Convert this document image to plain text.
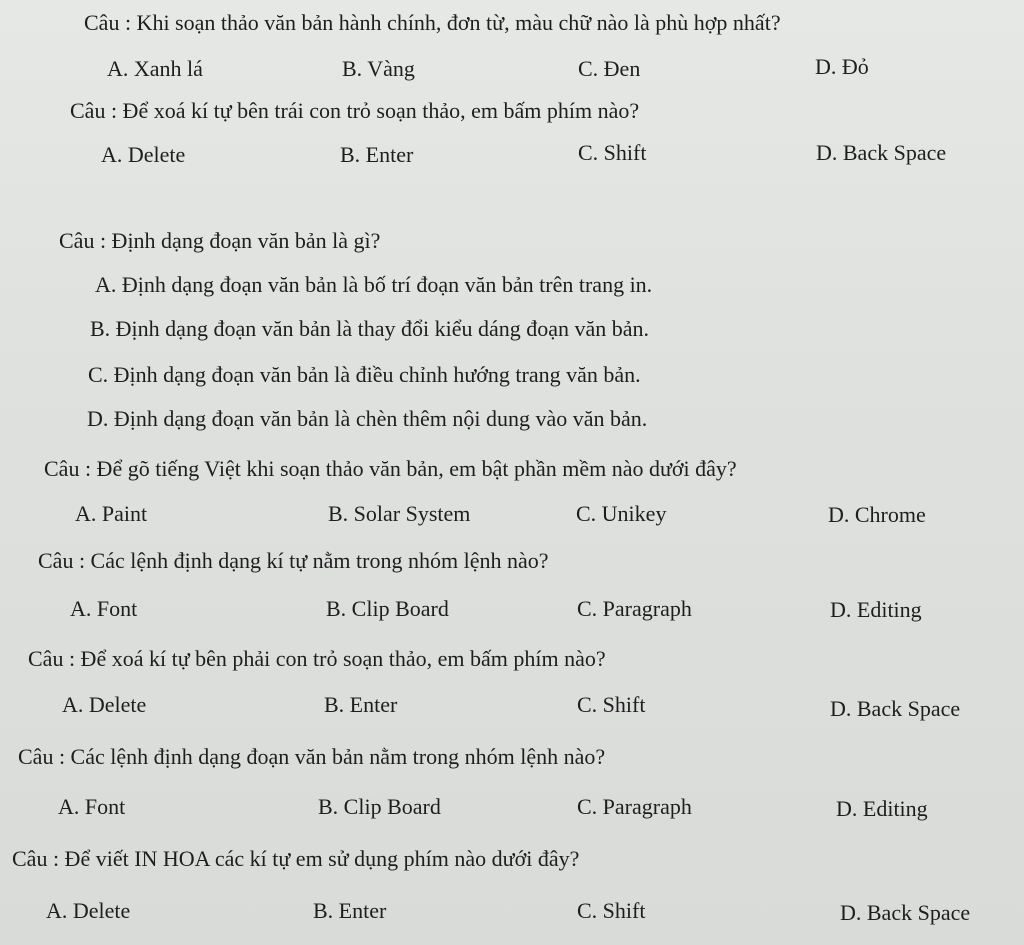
Câu : Khi soạn thảo văn bản hành chính, đơn từ, màu chữ nào là phù hợp nhất?
A. Xanh lá	B. Vàng	C. Đen	D. Đỏ
Câu : Để xoá kí tự bên trái con trỏ soạn thảo, em bấm phím nào?
A. Delete	B. Enter	C. Shift	D. Back Space
Câu : Định dạng đoạn văn bản là gì?
A. Định dạng đoạn văn bản là bố trí đoạn văn bản trên trang in.
B. Định dạng đoạn văn bản là thay đổi kiểu dáng đoạn văn bản.
C. Định dạng đoạn văn bản là điều chỉnh hướng trang văn bản.
D. Định dạng đoạn văn bản là chèn thêm nội dung vào văn bản.
Câu : Để gõ tiếng Việt khi soạn thảo văn bản, em bật phần mềm nào dưới đây?
A. Paint	B. Solar System	C. Unikey	D. Chrome
Câu : Các lệnh định dạng kí tự nằm trong nhóm lệnh nào?
A. Font	B. Clip Board	C. Paragraph	D. Editing
Câu : Để xoá kí tự bên phải con trỏ soạn thảo, em bấm phím nào?
A. Delete	B. Enter	C. Shift	D. Back Space
Câu : Các lệnh định dạng đoạn văn bản nằm trong nhóm lệnh nào?
A. Font	B. Clip Board	C. Paragraph	D. Editing
Câu : Để viết IN HOA các kí tự em sử dụng phím nào dưới đây?
A. Delete	B. Enter	C. Shift	D. Back Space
